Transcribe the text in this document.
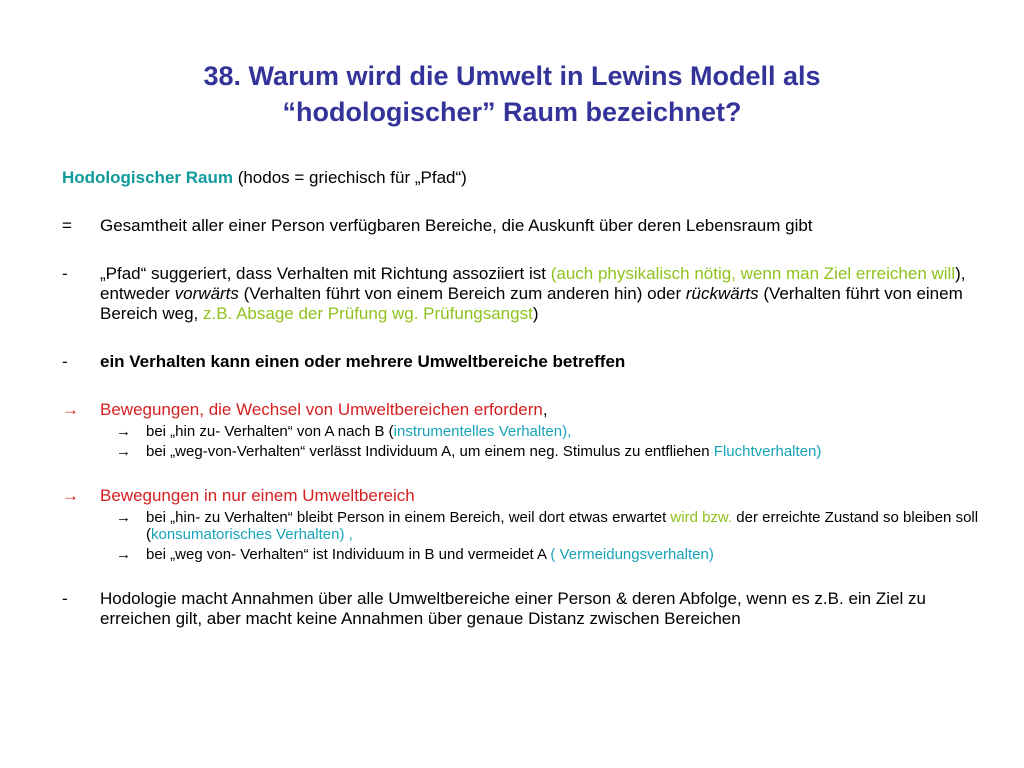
38. Warum wird die Umwelt in Lewins Modell als
“hodologischer” Raum bezeichnet?
Hodologischer Raum (hodos = griechisch für „Pfad“)
=	Gesamtheit aller einer Person verfügbaren Bereiche, die Auskunft über deren Lebensraum gibt
-	„Pfad“ suggeriert, dass Verhalten mit Richtung assoziiert ist (auch physikalisch nötig, wenn man Ziel erreichen will), entweder vorwärts (Verhalten führt von einem Bereich zum anderen hin) oder rückwärts (Verhalten führt von einem Bereich weg, z.B. Absage der Prüfung wg. Prüfungsangst)
-	ein Verhalten kann einen oder mehrere Umweltbereiche betreffen
→	Bewegungen, die Wechsel von Umweltbereichen erfordern,
→	bei „hin zu- Verhalten“ von A nach B (instrumentelles Verhalten),
→	bei „weg-von-Verhalten“ verlässt Individuum A, um einem neg. Stimulus zu entfliehen Fluchtverhalten)
→	Bewegungen in nur einem Umweltbereich
→	bei „hin- zu Verhalten“ bleibt Person in einem Bereich, weil dort etwas erwartet wird bzw. der erreichte Zustand so bleiben soll (konsumatorisches Verhalten) ,
→	bei „weg von- Verhalten“ ist Individuum in B und vermeidet A ( Vermeidungsverhalten)
-	Hodologie macht Annahmen über alle Umweltbereiche einer Person & deren Abfolge, wenn es z.B. ein Ziel zu erreichen gilt, aber macht keine Annahmen über genaue Distanz zwischen Bereichen
